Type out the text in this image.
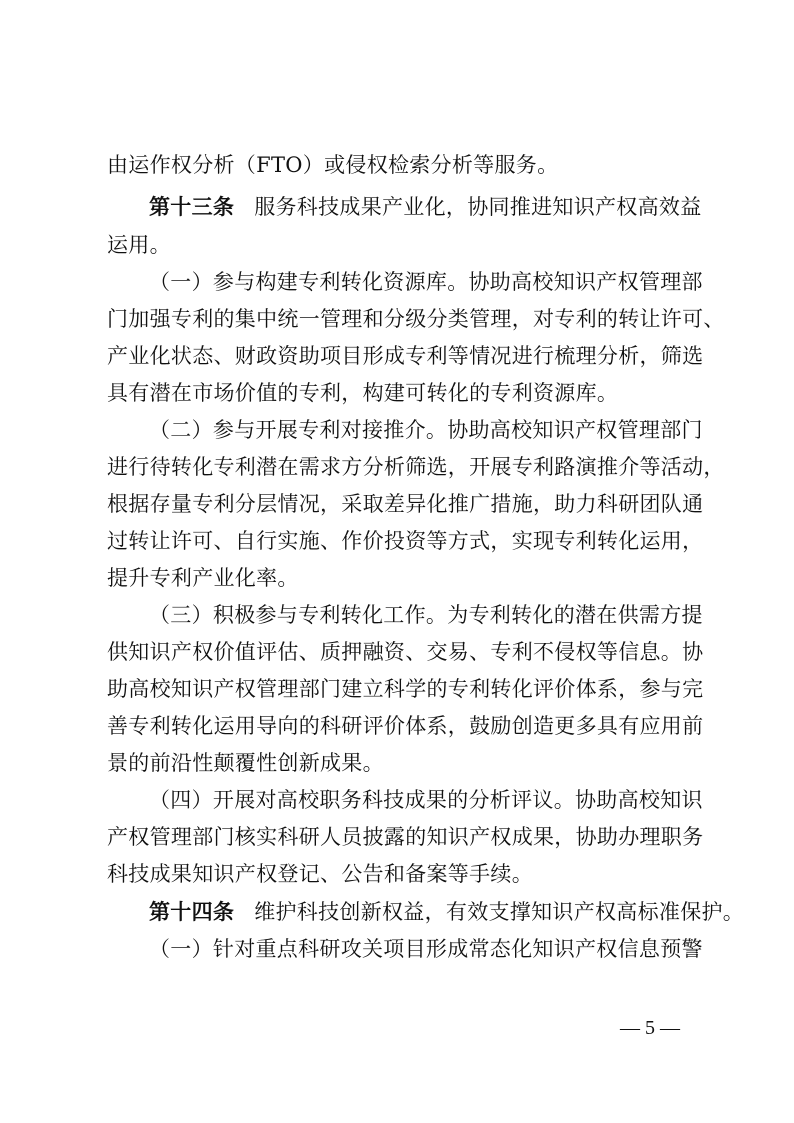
由运作权分析（FTO）或侵权检索分析等服务。
第十三条 服务科技成果产业化，协同推进知识产权高效益
运用。
（一）参与构建专利转化资源库。协助高校知识产权管理部
门加强专利的集中统一管理和分级分类管理，对专利的转让许可、
产业化状态、财政资助项目形成专利等情况进行梳理分析，筛选
具有潜在市场价值的专利，构建可转化的专利资源库。
（二）参与开展专利对接推介。协助高校知识产权管理部门
进行待转化专利潜在需求方分析筛选，开展专利路演推介等活动，
根据存量专利分层情况，采取差异化推广措施，助力科研团队通
过转让许可、自行实施、作价投资等方式，实现专利转化运用，
提升专利产业化率。
（三）积极参与专利转化工作。为专利转化的潜在供需方提
供知识产权价值评估、质押融资、交易、专利不侵权等信息。协
助高校知识产权管理部门建立科学的专利转化评价体系，参与完
善专利转化运用导向的科研评价体系，鼓励创造更多具有应用前
景的前沿性颠覆性创新成果。
（四）开展对高校职务科技成果的分析评议。协助高校知识
产权管理部门核实科研人员披露的知识产权成果，协助办理职务
科技成果知识产权登记、公告和备案等手续。
第十四条 维护科技创新权益，有效支撑知识产权高标准保护。
（一）针对重点科研攻关项目形成常态化知识产权信息预警
— 5 —
